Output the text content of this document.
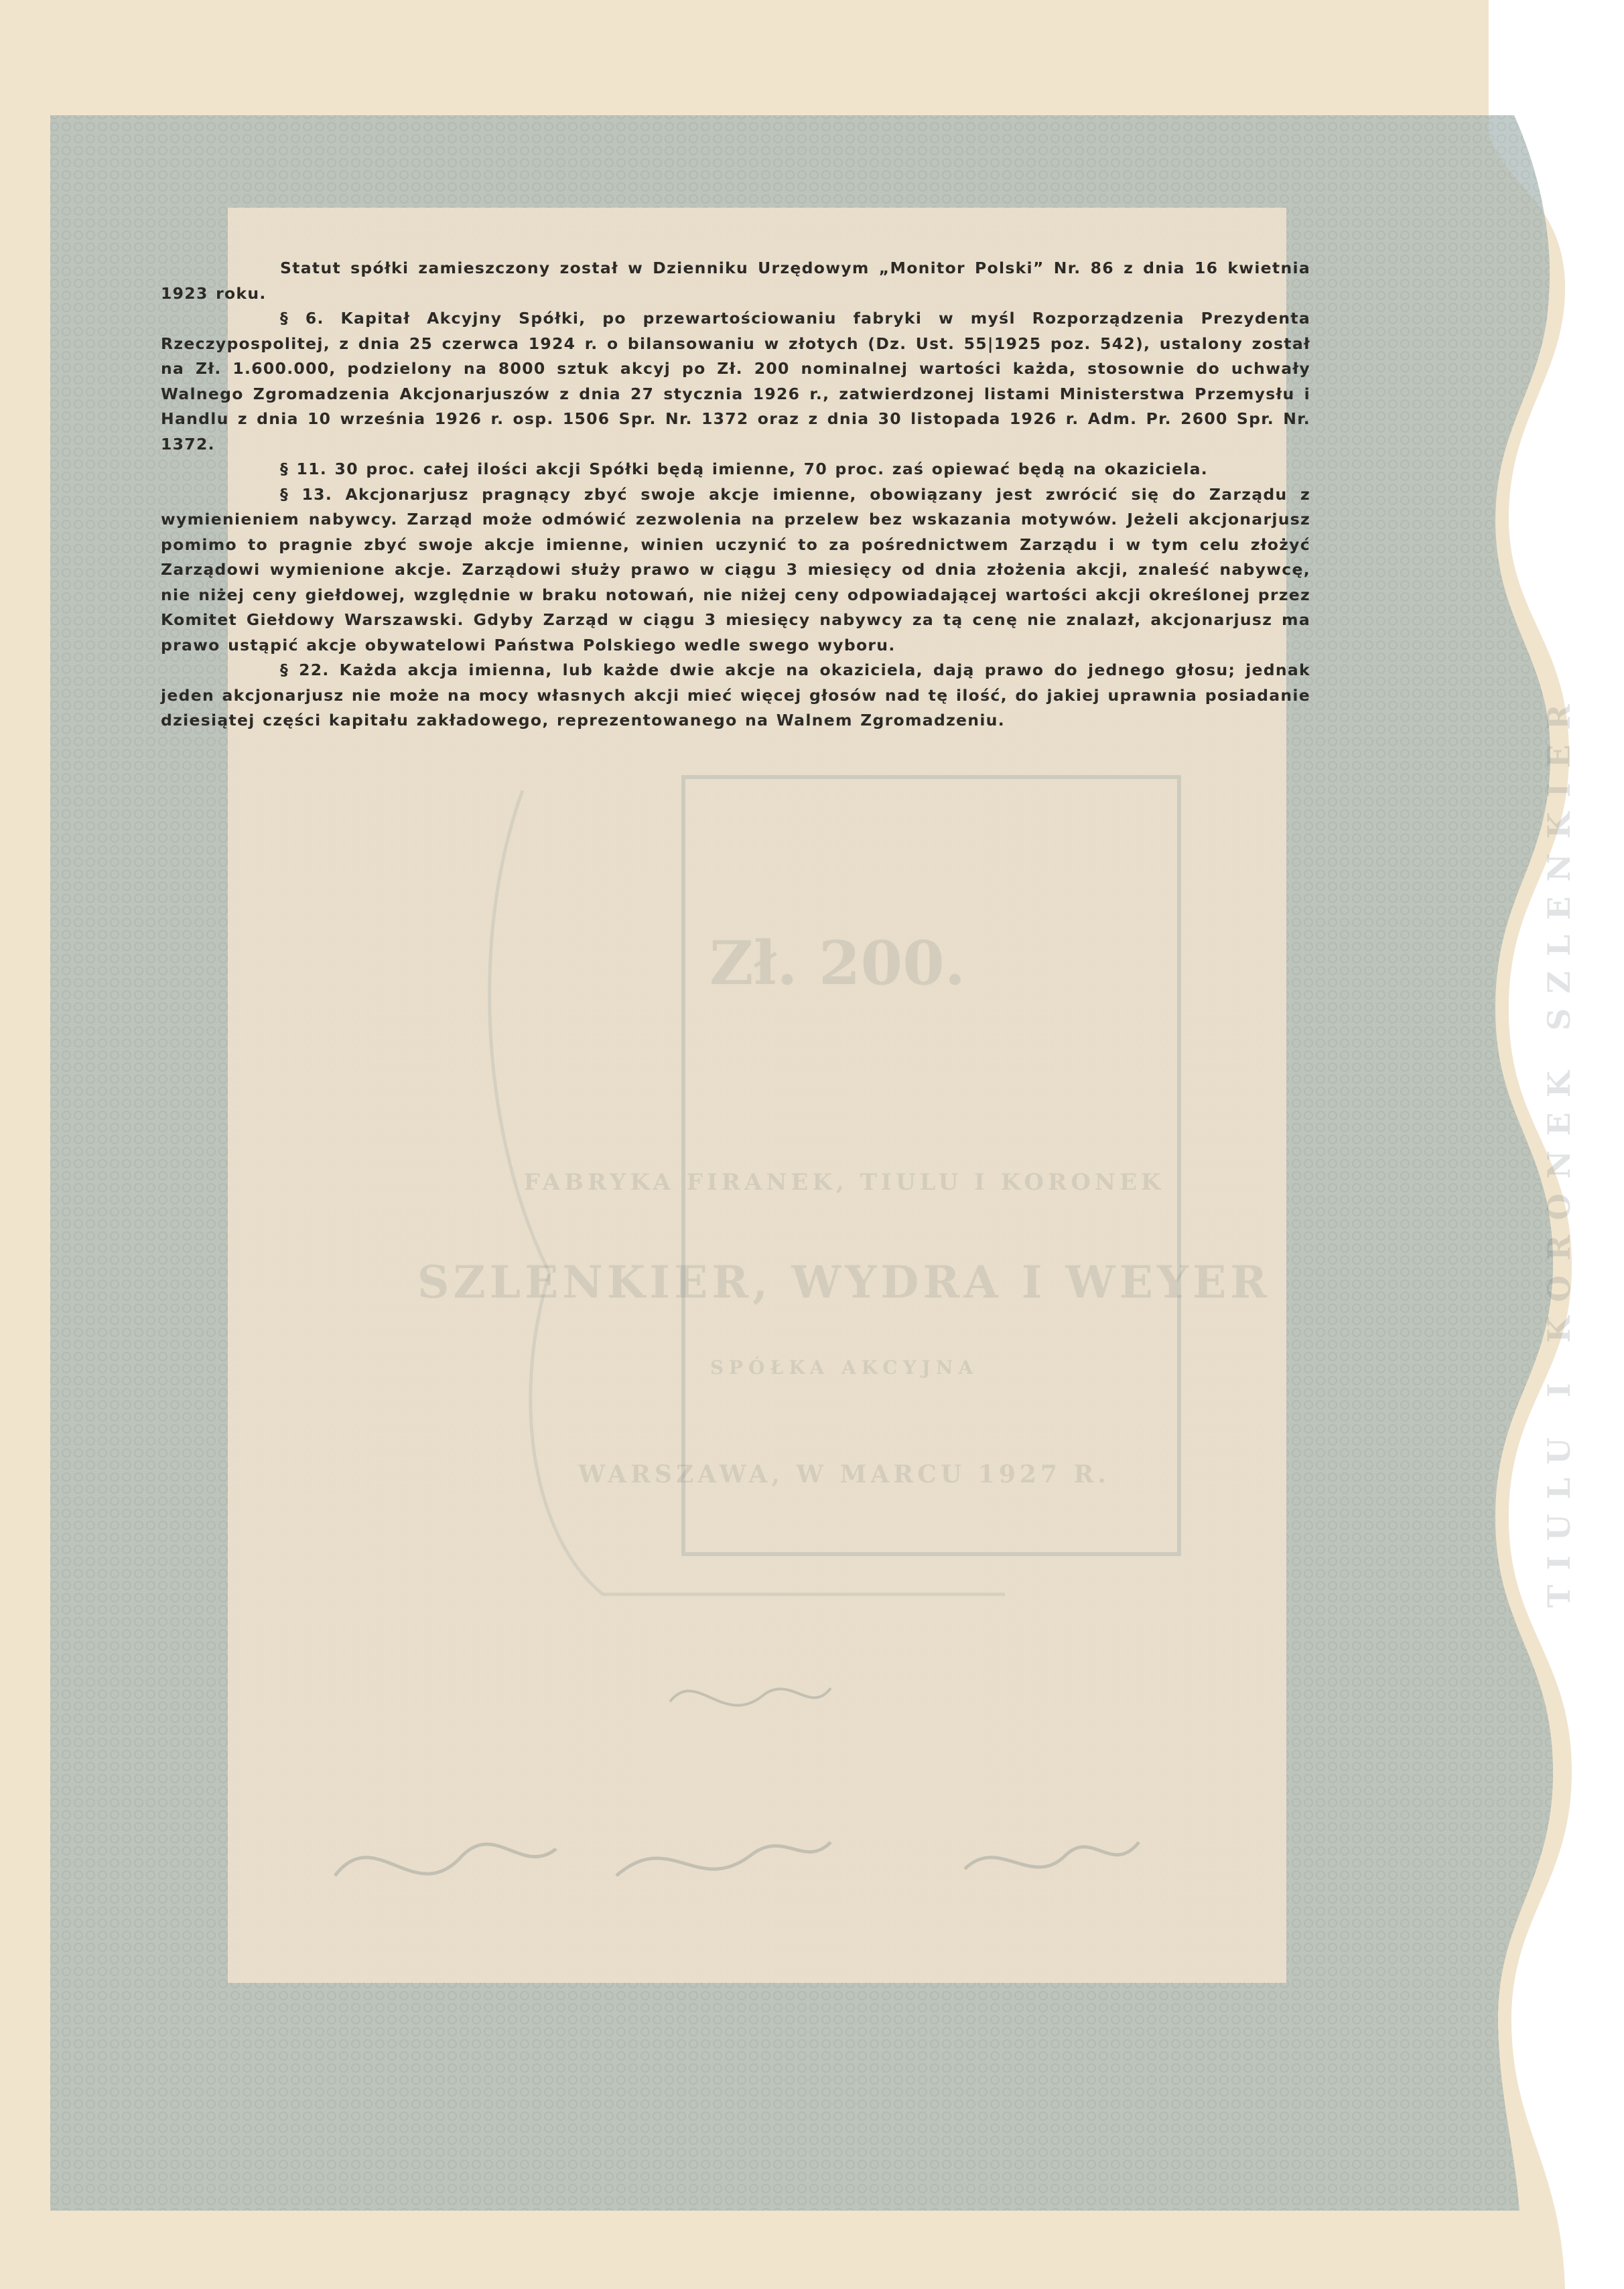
Zł. 200.
FABRYKA FIRANEK, TIULU I KORONEK
SZLENKIER, WYDRA I WEYER
SPÓŁKA AKCYJNA
WARSZAWA, W MARCU 1927 R.	TIULU I KORONEK SZLENKIER

Statut spółki zamieszczony został w Dzienniku Urzędowym „Monitor Polski” Nr. 86 z dnia 16 kwietnia 1923 roku.

§ 6. Kapitał Akcyjny Spółki, po przewartościowaniu fabryki w myśl Rozporządzenia Prezydenta Rzeczypospolitej, z dnia 25 czerwca 1924 r. o bilansowaniu w złotych (Dz. Ust. 55|1925 poz. 542), ustalony został na Zł. 1.600.000, podzielony na 8000 sztuk akcyj po Zł. 200 nominalnej wartości każda, stosownie do uchwały Walnego Zgromadzenia Akcjonarjuszów z dnia 27 stycznia 1926 r., zatwierdzonej listami Ministerstwa Przemysłu i Handlu z dnia 10 września 1926 r. osp. 1506 Spr. Nr. 1372 oraz z dnia 30 listopada 1926 r. Adm. Pr. 2600 Spr. Nr. 1372.

§ 11. 30 proc. całej ilości akcji Spółki będą imienne, 70 proc. zaś opiewać będą na okaziciela.

§ 13. Akcjonarjusz pragnący zbyć swoje akcje imienne, obowiązany jest zwrócić się do Zarządu z wymienieniem nabywcy. Zarząd może odmówić zezwolenia na przelew bez wskazania motywów. Jeżeli akcjonarjusz pomimo to pragnie zbyć swoje akcje imienne, winien uczynić to za pośrednictwem Zarządu i w tym celu złożyć Zarządowi wymienione akcje. Zarządowi służy prawo w ciągu 3 miesięcy od dnia złożenia akcji, znaleść nabywcę, nie niżej ceny giełdowej, względnie w braku notowań, nie niżej ceny odpowiadającej wartości akcji określonej przez Komitet Giełdowy Warszawski. Gdyby Zarząd w ciągu 3 miesięcy nabywcy za tą cenę nie znalazł, akcjonarjusz ma prawo ustąpić akcje obywatelowi Państwa Polskiego wedle swego wyboru.

§ 22. Każda akcja imienna, lub każde dwie akcje na okaziciela, dają prawo do jednego głosu; jednak jeden akcjonarjusz nie może na mocy własnych akcji mieć więcej głosów nad tę ilość, do jakiej uprawnia posiadanie dziesiątej części kapitału zakładowego, reprezentowanego na Walnem Zgromadzeniu.
